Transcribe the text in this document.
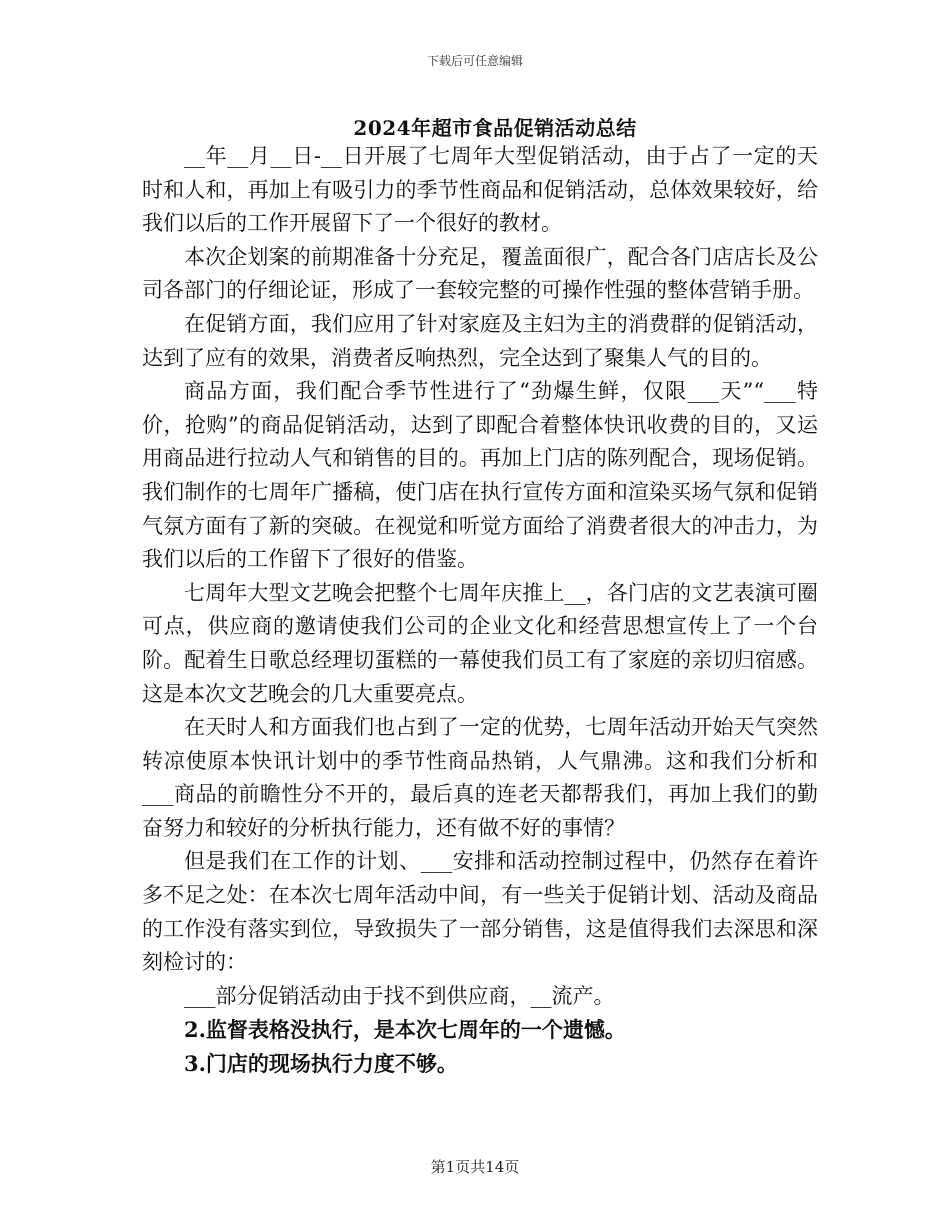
下载后可任意编辑
2024年超市食品促销活动总结

__年__月__日-__日开展了七周年大型促销活动，由于占了一定的天时和人和，再加上有吸引力的季节性商品和促销活动，总体效果较好，给我们以后的工作开展留下了一个很好的教材。

本次企划案的前期准备十分充足，覆盖面很广，配合各门店店长及公司各部门的仔细论证，形成了一套较完整的可操作性强的整体营销手册。

在促销方面，我们应用了针对家庭及主妇为主的消费群的促销活动，达到了应有的效果，消费者反响热烈，完全达到了聚集人气的目的。

商品方面，我们配合季节性进行了“劲爆生鲜，仅限___天”“___特价，抢购”的商品促销活动，达到了即配合着整体快讯收费的目的，又运用商品进行拉动人气和销售的目的。再加上门店的陈列配合，现场促销。我们制作的七周年广播稿，使门店在执行宣传方面和渲染买场气氛和促销气氛方面有了新的突破。在视觉和听觉方面给了消费者很大的冲击力，为我们以后的工作留下了很好的借鉴。

七周年大型文艺晚会把整个七周年庆推上__，各门店的文艺表演可圈可点，供应商的邀请使我们公司的企业文化和经营思想宣传上了一个台阶。配着生日歌总经理切蛋糕的一幕使我们员工有了家庭的亲切归宿感。这是本次文艺晚会的几大重要亮点。

在天时人和方面我们也占到了一定的优势，七周年活动开始天气突然转凉使原本快讯计划中的季节性商品热销，人气鼎沸。这和我们分析和___商品的前瞻性分不开的，最后真的连老天都帮我们，再加上我们的勤奋努力和较好的分析执行能力，还有做不好的事情？

但是我们在工作的计划、___安排和活动控制过程中，仍然存在着许多不足之处：在本次七周年活动中间，有一些关于促销计划、活动及商品的工作没有落实到位，导致损失了一部分销售，这是值得我们去深思和深刻检讨的：

___部分促销活动由于找不到供应商，__流产。

2.监督表格没执行，是本次七周年的一个遗憾。

3.门店的现场执行力度不够。

第1页共14页
